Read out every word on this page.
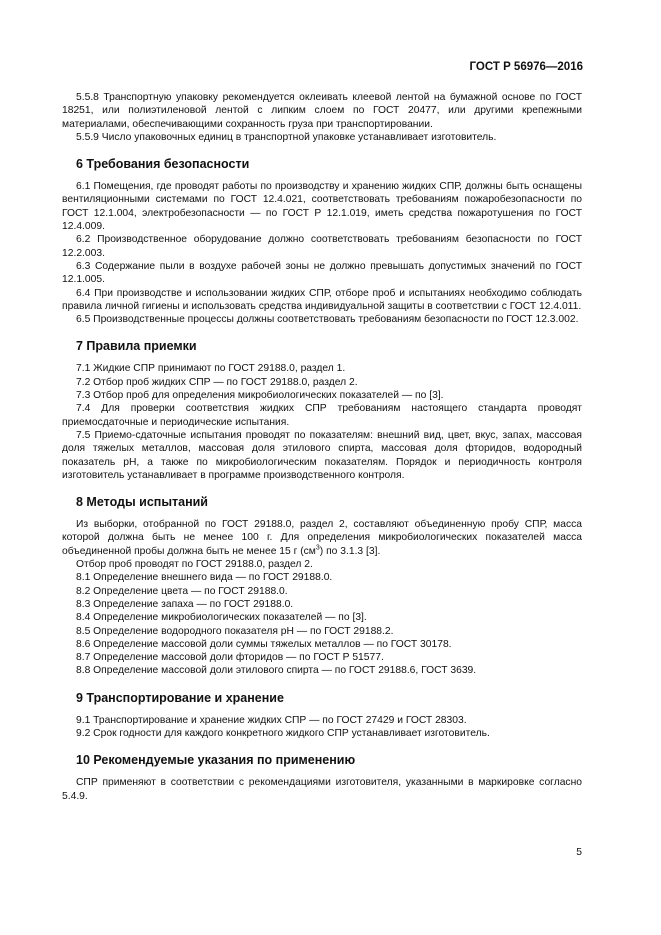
ГОСТ Р 56976—2016

5.5.8 Транспортную упаковку рекомендуется оклеивать клеевой лентой на бумажной основе по ГОСТ 18251, или полиэтиленовой лентой с липким слоем по ГОСТ 20477, или другими крепежными материалами, обеспечивающими сохранность груза при транспортировании.

5.5.9 Число упаковочных единиц в транспортной упаковке устанавливает изготовитель.

6 Требования безопасности

6.1 Помещения, где проводят работы по производству и хранению жидких СПР, должны быть оснащены вентиляционными системами по ГОСТ 12.4.021, соответствовать требованиям пожаробезопасности по ГОСТ 12.1.004, электробезопасности — по ГОСТ Р 12.1.019, иметь средства пожаротушения по ГОСТ 12.4.009.

6.2 Производственное оборудование должно соответствовать требованиям безопасности по ГОСТ 12.2.003.

6.3 Содержание пыли в воздухе рабочей зоны не должно превышать допустимых значений по ГОСТ 12.1.005.

6.4 При производстве и использовании жидких СПР, отборе проб и испытаниях необходимо соблюдать правила личной гигиены и использовать средства индивидуальной защиты в соответствии с ГОСТ 12.4.011.

6.5 Производственные процессы должны соответствовать требованиям безопасности по ГОСТ 12.3.002.

7 Правила приемки

7.1 Жидкие СПР принимают по ГОСТ 29188.0, раздел 1.

7.2 Отбор проб жидких СПР — по ГОСТ 29188.0, раздел 2.

7.3 Отбор проб для определения микробиологических показателей — по [3].

7.4 Для проверки соответствия жидких СПР требованиям настоящего стандарта проводят приемосдаточные и периодические испытания.

7.5 Приемо-сдаточные испытания проводят по показателям: внешний вид, цвет, вкус, запах, массовая доля тяжелых металлов, массовая доля этилового спирта, массовая доля фторидов, водородный показатель pH, а также по микробиологическим показателям. Порядок и периодичность контроля изготовитель устанавливает в программе производственного контроля.

8 Методы испытаний

Из выборки, отобранной по ГОСТ 29188.0, раздел 2, составляют объединенную пробу СПР, масса которой должна быть не менее 100 г. Для определения микробиологических показателей масса объединенной пробы должна быть не менее 15 г $(см^3)$ по 3.1.3 [3].

Отбор проб проводят по ГОСТ 29188.0, раздел 2.

8.1 Определение внешнего вида — по ГОСТ 29188.0.

8.2 Определение цвета — по ГОСТ 29188.0.

8.3 Определение запаха — по ГОСТ 29188.0.

8.4 Определение микробиологических показателей — по [3].

8.5 Определение водородного показателя pH — по ГОСТ 29188.2.

8.6 Определение массовой доли суммы тяжелых металлов — по ГОСТ 30178.

8.7 Определение массовой доли фторидов — по ГОСТ Р 51577.

8.8 Определение массовой доли этилового спирта — по ГОСТ 29188.6, ГОСТ 3639.

9 Транспортирование и хранение

9.1 Транспортирование и хранение жидких СПР — по ГОСТ 27429 и ГОСТ 28303.

9.2 Срок годности для каждого конкретного жидкого СПР устанавливает изготовитель.

10 Рекомендуемые указания по применению

СПР применяют в соответствии с рекомендациями изготовителя, указанными в маркировке согласно 5.4.9.

5
